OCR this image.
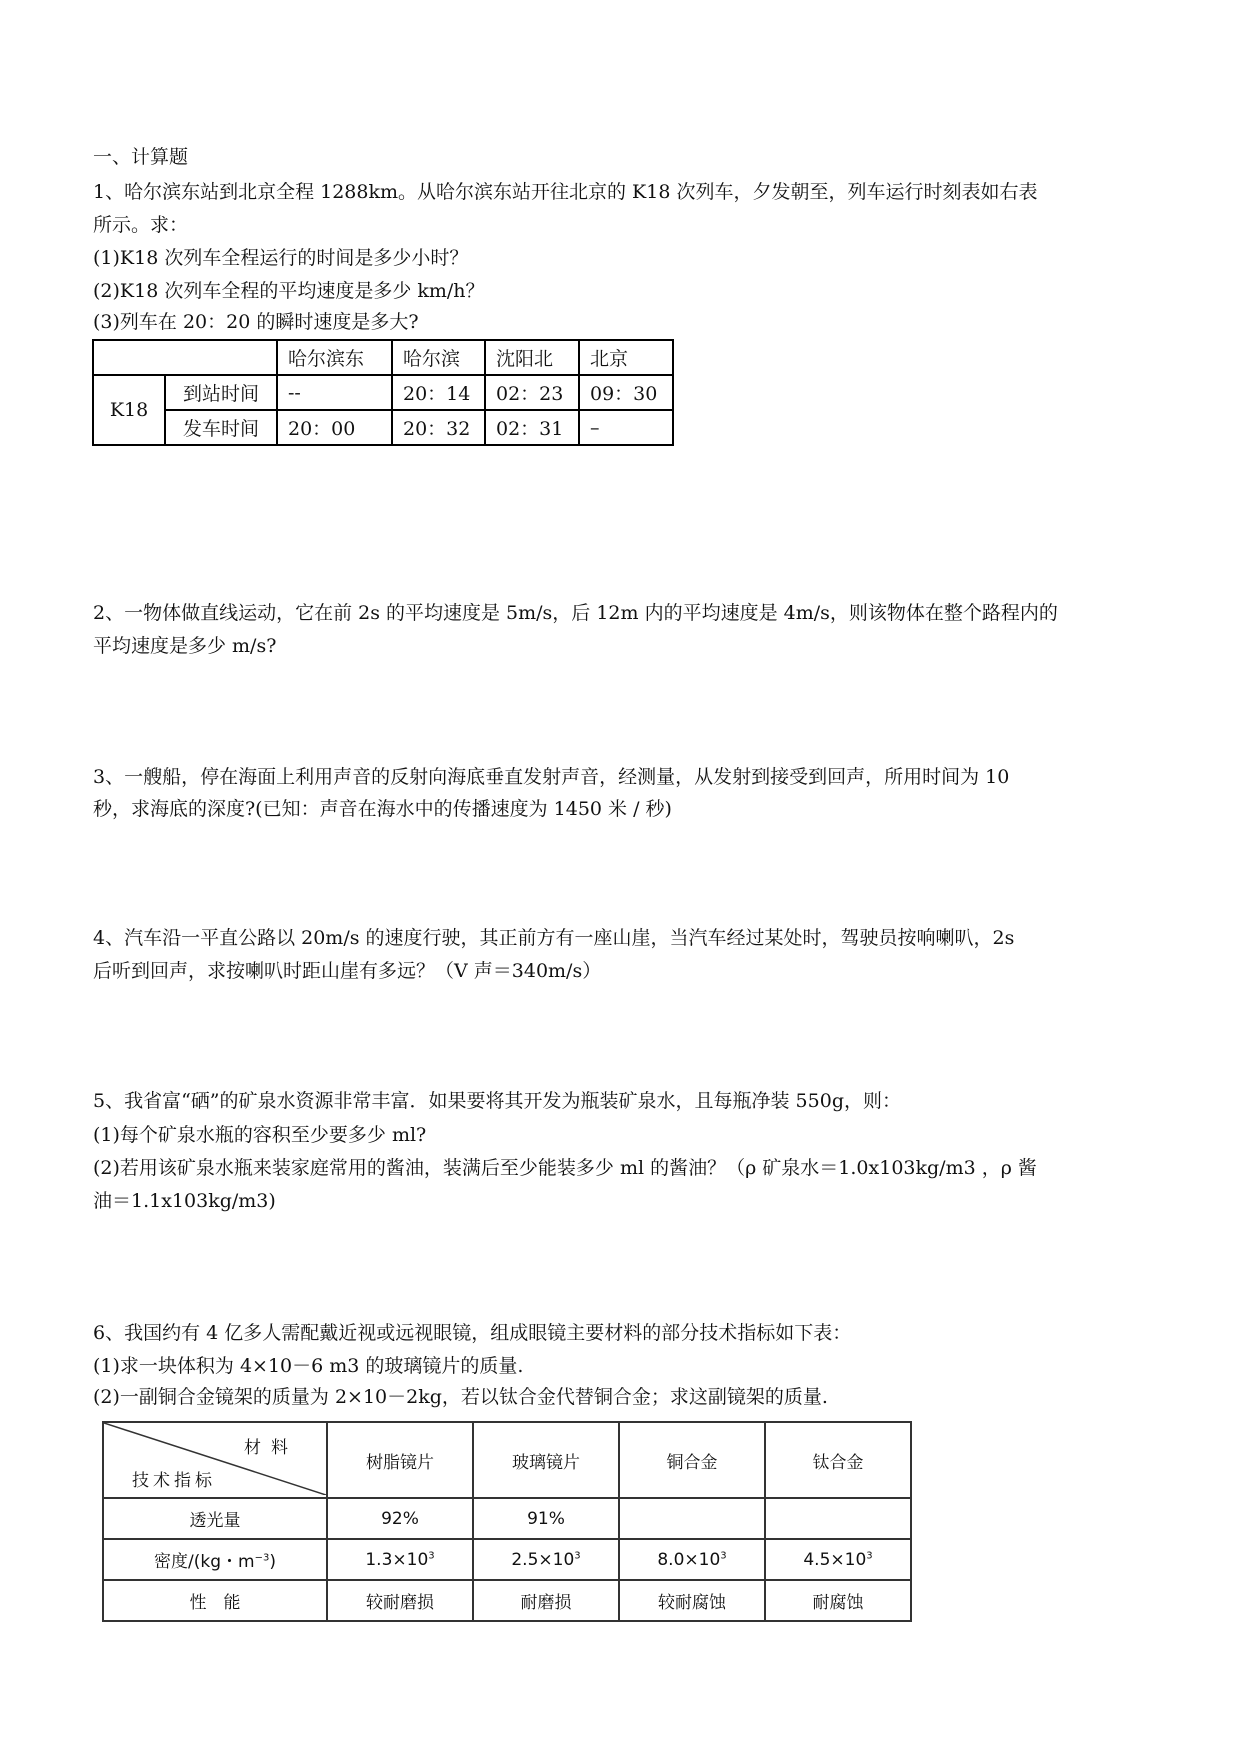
一、计算题
1、哈尔滨东站到北京全程 1288km。从哈尔滨东站开往北京的 K18 次列车，夕发朝至，列车运行时刻表如右表
所示。求：
(1)K18 次列车全程运行的时间是多少小时？
(2)K18 次列车全程的平均速度是多少 km/h？
(3)列车在 20：20 的瞬时速度是多大?
		哈尔滨东	哈尔滨	沈阳北	北京
K18	到站时间	--	20：14	02：23	09：30
	发车时间	20：00	20：32	02：31	–
2、一物体做直线运动，它在前 2s 的平均速度是 5m/s，后 12m 内的平均速度是 4m/s，则该物体在整个路程内的
平均速度是多少 m/s?
3、一艘船，停在海面上利用声音的反射向海底垂直发射声音，经测量，从发射到接受到回声，所用时间为 10
秒，求海底的深度?(已知：声音在海水中的传播速度为 1450 米 / 秒)
4、汽车沿一平直公路以 20m/s 的速度行驶，其正前方有一座山崖，当汽车经过某处时，驾驶员按响喇叭，2s
后听到回声，求按喇叭时距山崖有多远？（V 声＝340m/s）
5、我省富“硒”的矿泉水资源非常丰富．如果要将其开发为瓶装矿泉水，且每瓶净装 550g，则：
(1)每个矿泉水瓶的容积至少要多少 ml?
(2)若用该矿泉水瓶来装家庭常用的酱油，装满后至少能装多少 ml 的酱油？（ρ 矿泉水＝1.0x103kg/m3 ，ρ 酱
油＝1.1x103kg/m3)
6、我国约有 4 亿多人需配戴近视或远视眼镜，组成眼镜主要材料的部分技术指标如下表：
(1)求一块体积为 4×10－6 m3 的玻璃镜片的质量.
(2)一副铜合金镜架的质量为 2×10－2kg，若以钛合金代替铜合金；求这副镜架的质量.
材料
技术指标	树脂镜片	玻璃镜片	铜合金	钛合金
透光量	92%	91%		
密度/(kg・$m^{-3}$)	$1.3\times 10^3$	$2.5\times 10^3$	$8.0\times 10^3$	$4.5\times 10^3$
性　能	较耐磨损	耐磨损	较耐腐蚀	耐腐蚀
